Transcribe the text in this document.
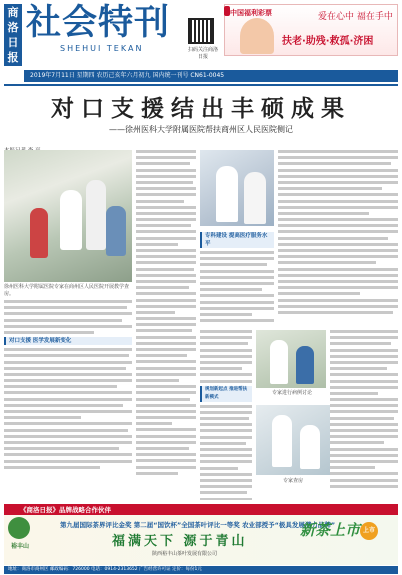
商洛日报
社会特刊
SHEHUI TEKAN	扫码关注商洛日报
中国福利彩票	爱在心中 福在手中
扶老·助残·救孤·济困
2019年7月11日 星期四 农历己亥年六月初九 国内统一刊号 CN61-0045
对口支援结出丰硕成果
——徐州医科大学附属医院帮扶商州区人民医院侧记
徐州医科大学附属医院专家在商州区人民医院开展教学查房。
对口支援 医学发展新变化
专科建设 提高医疗服务水平
规划新起点 推进帮扶新模式
专家进行病例讨论
专家查房
《商洛日报》品牌战略合作伙伴
裕丰山
第九届国际茶界评比金奖 第二届“国饮杯”全国茶叶评比一等奖 农业部授予“极具发展潜力品牌”
福满天下 源于青山
陕西裕丰山茶叶发展有限公司
新茶上市 上市
地址：商洛市商州区 邮政编码：726000 电话：0914-2313652 广告经营许可证 定价：每份1元
